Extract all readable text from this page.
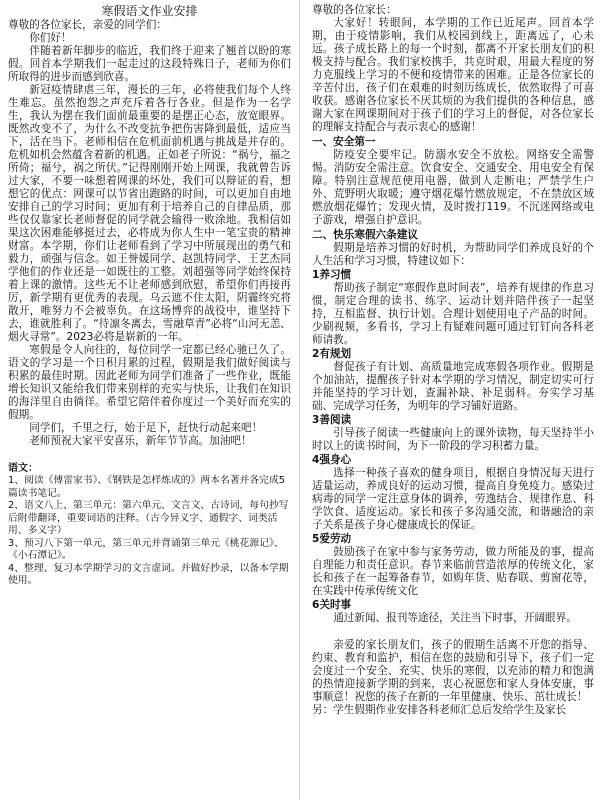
寒假语文作业安排

尊敬的各位家长，亲爱的同学们：

你们好！

伴随着新年脚步的临近，我们终于迎来了翘首以盼的寒假。回首本学期我们一起走过的这段特殊日子，老师为你们所取得的进步而感到欣喜。

新冠疫情肆虐三年，漫长的三年，必将使我们每个人终生难忘。虽然抱怨之声充斥着各行各业。但是作为一名学生，我认为摆在我们面前最重要的是摆正心态，放宽眼界。既然改变不了，为什么不改变抗争把伤害降到最低，适应当下，活在当下。老师相信在危机面前机遇与挑战是并存的。危机如机会然蕴含着新的机遇。正如老子所说：“祸兮，福之所倚；福兮，祸之所伏。”记得刚刚开始上网课，我就曾告诉过大家，不要一味想着网课的坏处，我们可以辩证的看，想想它的优点：网课可以节省出跑路的时间，可以更加自由地安排自己的学习时间；更加有利于培养自己的自律品质，那些仅仅靠家长老师督促的同学就会输得一败涂地。我相信如果这次困难能够挺过去，必将成为你人生中一笔宝贵的精神财富。本学期，你们让老师看到了学习中所展现出的勇气和毅力，顽强与信念。如王誉媛同学、赵凯特同学、王艺杰同学他们的作业还是一如既往的工整。刘超强等同学始终保持着上课的激情。这些无不让老师感到欣慰，希望你们再接再厉，新学期有更优秀的表现。乌云遮不住太阳，阴霾终究将散开，唯努力不会被辜负。在这场博弈的战役中，谁坚持下去，谁就胜利了。“待凛冬离去，雪融草青”必将“山河无恙、烟火寻常”。2023必将是崭新的一年。

寒假是令人向往的，每位同学一定都已经心驰已久了。语文的学习是一个日积月累的过程，假期是我们做好阅读与积累的最佳时期。因此老师为同学们准备了一些作业，既能增长知识又能给我们带来别样的充实与快乐，让我们在知识的海洋里自由徜徉。希望它陪伴着你度过一个美好而充实的假期。

同学们，千里之行，始于足下，赶快行动起来吧！

老师预祝大家平安喜乐，新年节节高。加油吧！

语文：

1、阅读《傅雷家书》、《钢铁是怎样炼成的》两本名著并各完成5篇读书笔记。

2、语文八上、第三单元：第六单元、文言文、古诗词，每句抄写后附带翻译，重要词语的注释。（古今异义字、通假字、词类活用、多义字）

3、预习八下第一单元，第三单元并背诵第三单元《桃花源记》、《小石潭记》。

4、整理、复习本学期学习的文言虚词。并做好抄录，以备本学期使用。

尊敬的各位家长：

大家好！转眼间，本学期的工作已近尾声。回首本学期，由于疫情影响，我们从校园到线上，距离远了，心未远。孩子成长路上的每一个时刻，都离不开家长朋友们的积极支持与配合。我们家校携手，共克时艰，用最大程度的努力克服线上学习的不便和疫情带来的困难。正是各位家长的辛苦付出，孩子们在艰难的时刻历练成长，依然取得了可喜收获。感谢各位家长不厌其烦的为我们提供的各种信息，感谢大家在网课期间对于孩子们的学习上的督促，对各位家长的理解支持配合与表示衷心的感谢！

一、安全第一

防疫安全要牢记。防溺水安全不放松。网络安全需警惕。消防安全需注意。饮食安全、交通安全、用电安全有保障。特别注意规范使用电器，做到人走断电；严禁学生户外、荒野明火取暖；遵守烟花爆竹燃放规定，不在禁放区域燃放烟花爆竹；发现火情，及时拨打119。不沉迷网络或电子游戏，增强自护意识。

二、快乐寒假六条建议

假期是培养习惯的好时机，为帮助同学们养成良好的个人生活和学习习惯，特建议如下：

1养习惯

帮助孩子制定“寒假作息时间表”，培养有规律的作息习惯，制定合理的读书、练字、运动计划并陪伴孩子一起坚持，互相监督、执行计划。合理计划使用电子产品的时间。少刷视频，多看书，学习上有疑难问题可通过钉钉向各科老师请教。

2有规划

督促孩子有计划、高质量地完成寒假各项作业。假期是个加油站，提醒孩子针对本学期的学习情况，制定切实可行并能坚持的学习计划，查漏补缺、补足弱科。夯实学习基础、完成学习任务，为明年的学习铺好道路。

3善阅读

引导孩子阅读一些健康向上的课外读物，每天坚持半小时以上的读书时间，为下一阶段的学习积蓄力量。

4强身心

选择一种孩子喜欢的健身项目，根据自身情况每天进行适量运动，养成良好的运动习惯，提高自身免疫力。感染过病毒的同学一定注意身体的调养，劳逸结合、规律作息、科学饮食、适度运动。家长和孩子多沟通交流，和谐融洽的亲子关系是孩子身心健康成长的保证。

5爱劳动

鼓励孩子在家中参与家务劳动，做力所能及的事，提高自理能力和责任意识。春节来临前营造浓厚的传统文化，家长和孩子在一起筹备春节，如购年货、贴春联、剪窗花等，在实践中传承传统文化

6关时事

通过新闻、报刊等途径，关注当下时事，开阔眼界。

亲爱的家长朋友们，孩子的假期生活离不开您的指导、约束、教育和监护，相信在您的鼓励和引导下，孩子们一定会度过一个安全、充实、快乐的寒假，以充沛的精力和饱满的热情迎接新学期的到来，衷心祝愿您和家人身体安康，事事顺意！祝您的孩子在新的一年里健康、快乐、茁壮成长！

另：学生假期作业安排各科老师汇总后发给学生及家长
